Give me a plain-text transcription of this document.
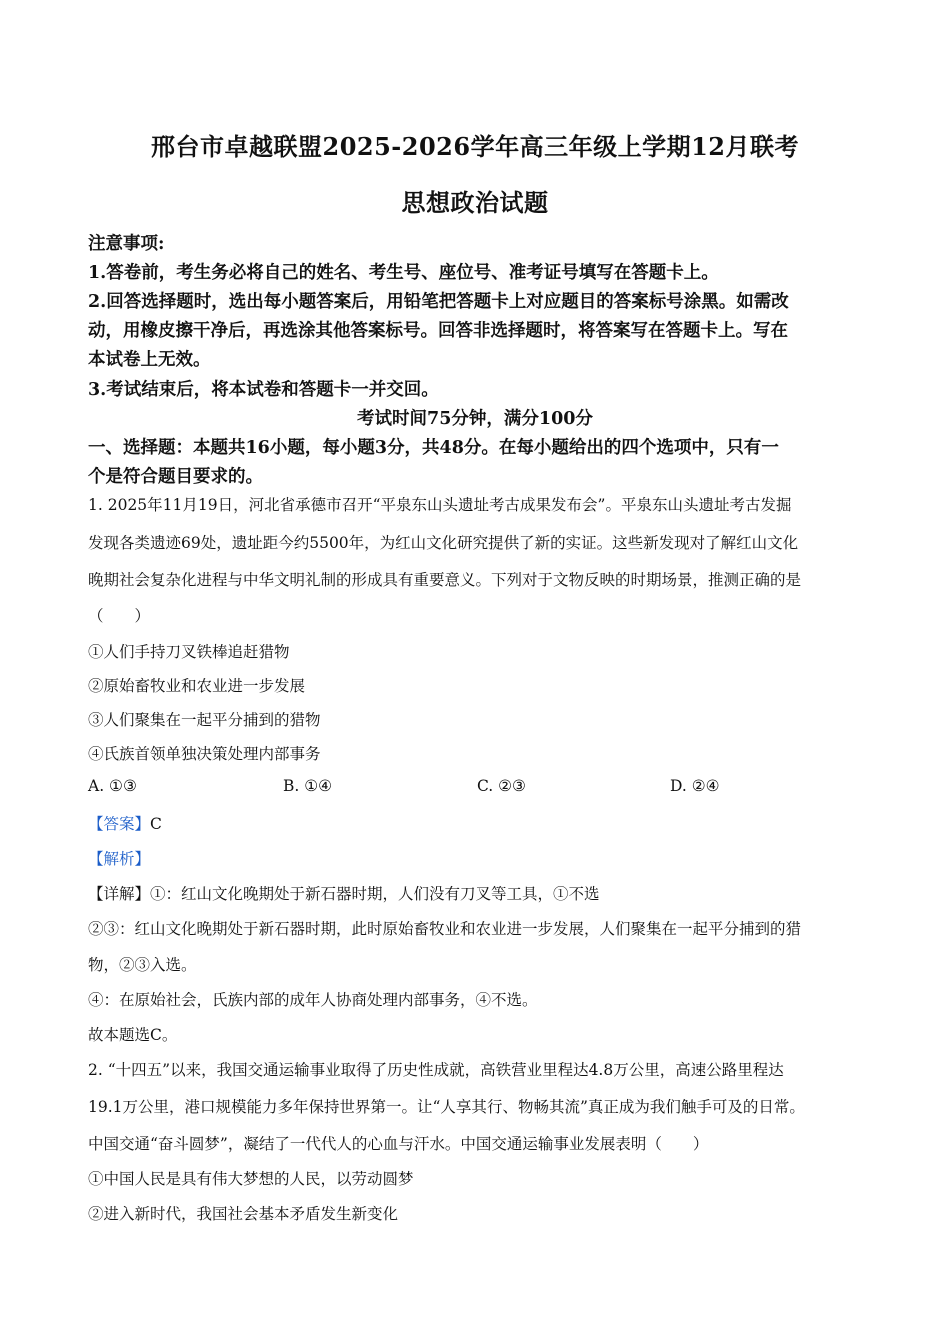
邢台市卓越联盟2025-2026学年高三年级上学期12月联考
思想政治试题
注意事项:
1.答卷前，考生务必将自己的姓名、考生号、座位号、准考证号填写在答题卡上。
2.回答选择题时，选出每小题答案后，用铅笔把答题卡上对应题目的答案标号涂黑。如需改
动，用橡皮擦干净后，再选涂其他答案标号。回答非选择题时，将答案写在答题卡上。写在
本试卷上无效。
3.考试结束后，将本试卷和答题卡一并交回。
考试时间75分钟，满分100分
一、选择题：本题共16小题，每小题3分，共48分。在每小题给出的四个选项中，只有一
个是符合题目要求的。
1. 2025年11月19日，河北省承德市召开“平泉东山头遗址考古成果发布会”。平泉东山头遗址考古发掘
发现各类遗迹69处，遗址距今约5500年，为红山文化研究提供了新的实证。这些新发现对了解红山文化
晚期社会复杂化进程与中华文明礼制的形成具有重要意义。下列对于文物反映的时期场景，推测正确的是
（　　）
①人们手持刀叉铁棒追赶猎物
②原始畜牧业和农业进一步发展
③人们聚集在一起平分捕到的猎物
④氏族首领单独决策处理内部事务
A. ①③	B. ①④	C. ②③	D. ②④
【答案】C
【解析】
【详解】①：红山文化晚期处于新石器时期，人们没有刀叉等工具，①不选
②③：红山文化晚期处于新石器时期，此时原始畜牧业和农业进一步发展，人们聚集在一起平分捕到的猎
物，②③入选。
④：在原始社会，氏族内部的成年人协商处理内部事务，④不选。
故本题选C。
2. “十四五”以来，我国交通运输事业取得了历史性成就，高铁营业里程达4.8万公里，高速公路里程达
19.1万公里，港口规模能力多年保持世界第一。让“人享其行、物畅其流”真正成为我们触手可及的日常。
中国交通“奋斗圆梦”，凝结了一代代人的心血与汗水。中国交通运输事业发展表明（　　）
①中国人民是具有伟大梦想的人民，以劳动圆梦
②进入新时代，我国社会基本矛盾发生新变化
